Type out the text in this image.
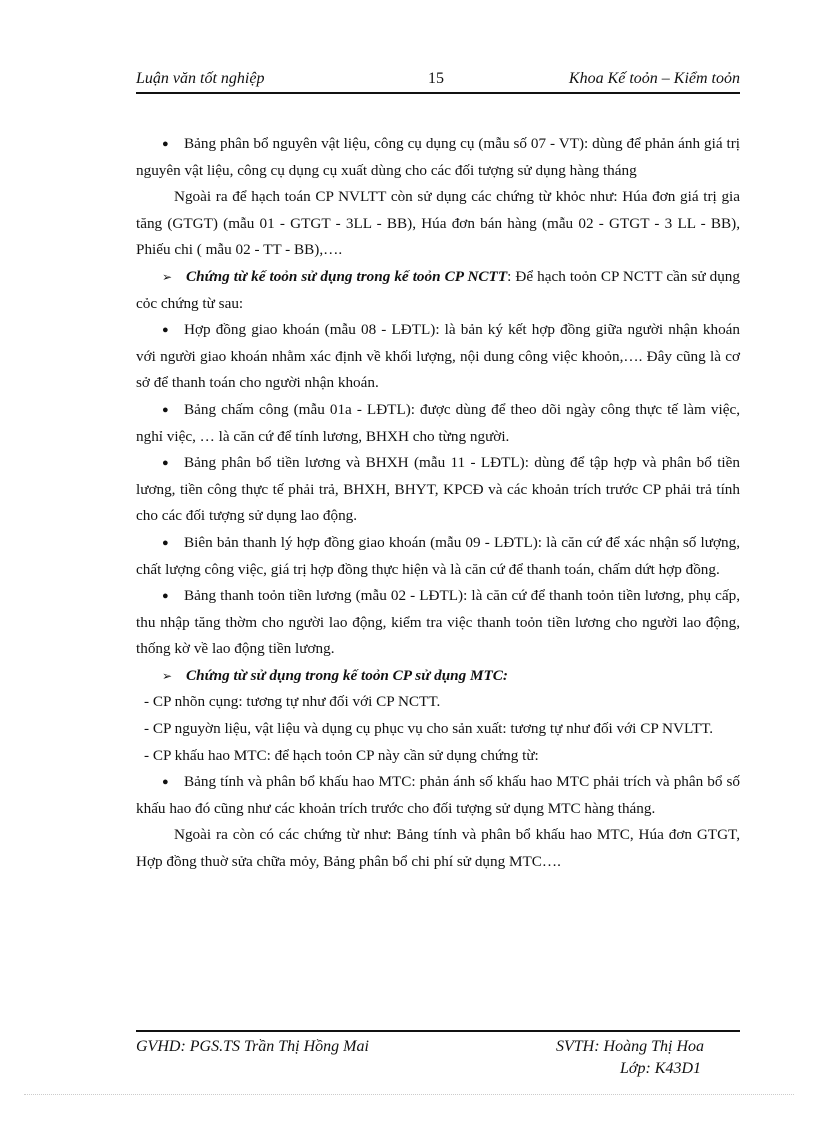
Luận văn tốt nghiệp	15	Khoa Kế toỏn – Kiểm toỏn

● Bảng phân bổ nguyên vật liệu, công cụ dụng cụ (mẫu số 07 - VT): dùng để phản ánh giá trị nguyên vật liệu, công cụ dụng cụ xuất dùng cho các đối tượng sử dụng hàng tháng

Ngoài ra để hạch toán CP NVLTT còn sử dụng các chứng từ khỏc như: Húa đơn giá trị gia tăng (GTGT) (mẫu 01 - GTGT - 3LL - BB), Húa đơn bán hàng (mẫu 02 - GTGT - 3 LL - BB), Phiếu chi ( mẫu 02 - TT - BB),….

➢ Chứng từ kế toỏn sử dụng trong kế toỏn CP NCTT: Để hạch toỏn CP NCTT cần sử dụng cỏc chứng từ sau:

● Hợp đồng giao khoán (mẫu 08 - LĐTL): là bản ký kết hợp đồng giữa người nhận khoán với người giao khoán nhằm xác định về khối lượng, nội dung công việc khoỏn,…. Đây cũng là cơ sở để thanh toán cho người nhận khoán.

● Bảng chấm công (mẫu 01a - LĐTL): được dùng để theo dõi ngày công thực tế làm việc, nghỉ việc, … là căn cứ để tính lương, BHXH cho từng người.

● Bảng phân bổ tiền lương và BHXH (mẫu 11 - LĐTL): dùng để tập hợp và phân bổ tiền lương, tiền công thực tế phải trả, BHXH, BHYT, KPCĐ và các khoản trích trước CP phải trả tính cho các đối tượng sử dụng lao động.

● Biên bản thanh lý hợp đồng giao khoán (mẫu 09 - LĐTL): là căn cứ để xác nhận số lượng, chất lượng công việc, giá trị hợp đồng thực hiện và là căn cứ để thanh toán, chấm dứt hợp đồng.

● Bảng thanh toỏn tiền lương (mẫu 02 - LĐTL): là căn cứ để thanh toỏn tiền lương, phụ cấp, thu nhập tăng thờm cho người lao động, kiểm tra việc thanh toỏn tiền lương cho người lao động, thống kờ về lao động tiền lương.

➢ Chứng từ sử dụng trong kế toỏn CP sử dụng MTC:

- CP nhõn cụng: tương tự như đối với CP NCTT.

- CP nguyờn liệu, vật liệu và dụng cụ phục vụ cho sản xuất: tương tự như đối với CP NVLTT.

- CP khấu hao MTC: để hạch toỏn CP này cần sử dụng chứng từ:

● Bảng tính và phân bổ khấu hao MTC: phản ánh số khấu hao MTC phải trích và phân bổ số khấu hao đó cũng như các khoản trích trước cho đối tượng sử dụng MTC hàng tháng.

Ngoài ra còn có các chứng từ như: Bảng tính và phân bổ khấu hao MTC, Húa đơn GTGT, Hợp đồng thuờ sửa chữa mỏy, Bảng phân bổ chi phí sử dụng MTC….

GVHD: PGS.TS Trần Thị Hồng Mai	SVTH: Hoàng Thị Hoa
Lớp: K43D1
